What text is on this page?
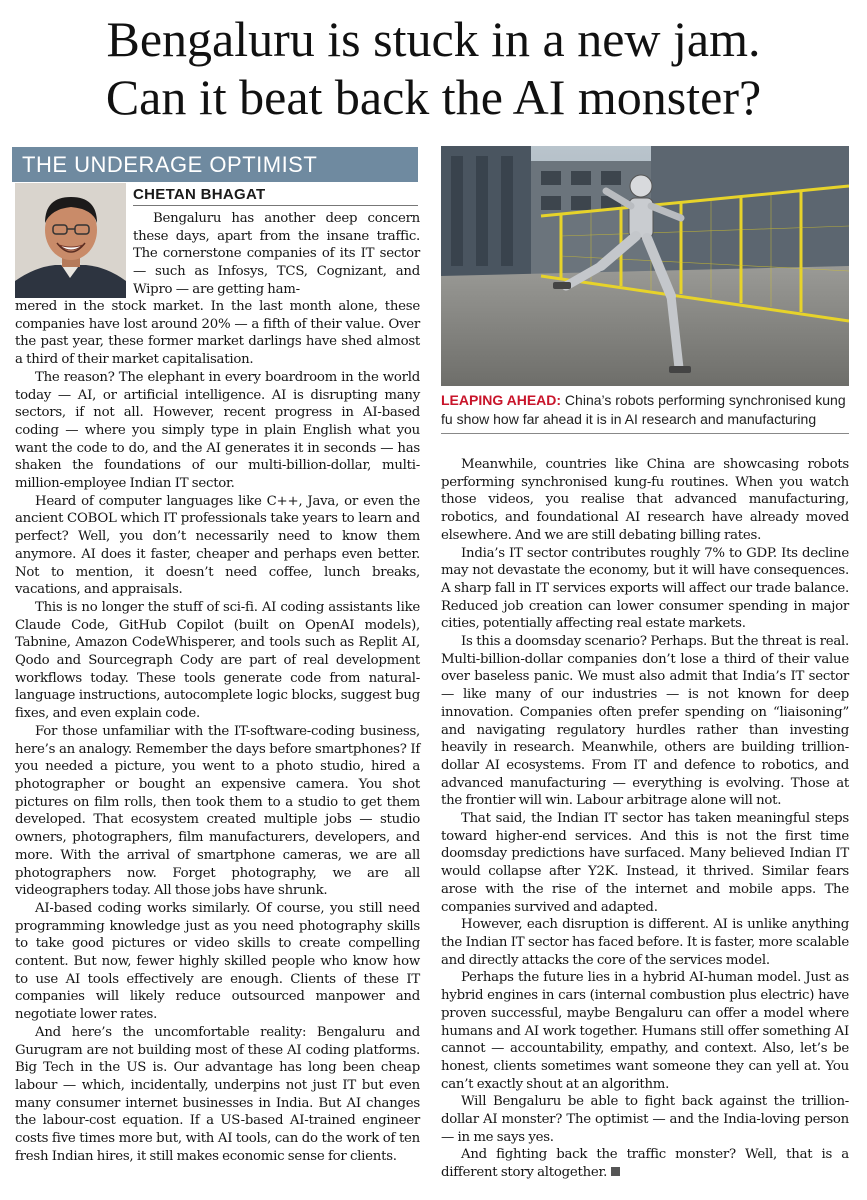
Bengaluru is stuck in a new jam.
Can it beat back the AI monster?
THE UNDERAGE OPTIMIST
CHETAN BHAGAT

Bengaluru has another deep concern these days, apart from the insane traffic. The cornerstone companies of its IT sector — such as Infosys, TCS, Cognizant, and Wipro — are getting ham-

mered in the stock market. In the last month alone, these companies have lost around 20% — a fifth of their value. Over the past year, these former market darlings have shed almost a third of their market capitalisation.

The reason? The elephant in every boardroom in the world today — AI, or artificial intelligence. AI is disrupting many sectors, if not all. However, recent progress in AI-based coding — where you simply type in plain English what you want the code to do, and the AI generates it in seconds — has shaken the foundations of our multi-billion-dollar, multi-million-employee Indian IT sector.

Heard of computer languages like C++, Java, or even the ancient COBOL which IT professionals take years to learn and perfect? Well, you don’t necessarily need to know them anymore. AI does it faster, cheaper and perhaps even better. Not to mention, it doesn’t need coffee, lunch breaks, vacations, and appraisals.

This is no longer the stuff of sci-fi. AI coding assistants like Claude Code, GitHub Copilot (built on OpenAI models), Tabnine, Amazon CodeWhisperer, and tools such as Replit AI, Qodo and Sourcegraph Cody are part of real development workflows today. These tools generate code from natural-language instructions, autocomplete logic blocks, suggest bug fixes, and even explain code.

For those unfamiliar with the IT-software-coding business, here’s an analogy. Remember the days before smartphones? If you needed a picture, you went to a photo studio, hired a photographer or bought an expensive camera. You shot pictures on film rolls, then took them to a studio to get them developed. That ecosystem created multiple jobs — studio owners, photographers, film manufacturers, developers, and more. With the arrival of smartphone cameras, we are all photographers now. Forget photography, we are all videographers today. All those jobs have shrunk.

AI-based coding works similarly. Of course, you still need programming knowledge just as you need photography skills to take good pictures or video skills to create compelling content. But now, fewer highly skilled people who know how to use AI tools effectively are enough. Clients of these IT companies will likely reduce outsourced manpower and negotiate lower rates.

And here’s the uncomfortable reality: Bengaluru and Gurugram are not building most of these AI coding platforms. Big Tech in the US is. Our advantage has long been cheap labour — which, incidentally, underpins not just IT but even many consumer internet businesses in India. But AI changes the labour-cost equation. If a US-based AI-trained engineer costs five times more but, with AI tools, can do the work of ten fresh Indian hires, it still makes economic sense for clients.

LEAPING AHEAD: China’s robots performing synchronised kung fu show how far ahead it is in AI research and manufacturing

Meanwhile, countries like China are showcasing robots performing synchronised kung-fu routines. When you watch those videos, you realise that advanced manufacturing, robotics, and foundational AI research have already moved elsewhere. And we are still debating billing rates.

India’s IT sector contributes roughly 7% to GDP. Its decline may not devastate the economy, but it will have consequences. A sharp fall in IT services exports will affect our trade balance. Reduced job creation can lower consumer spending in major cities, potentially affecting real estate markets.

Is this a doomsday scenario? Perhaps. But the threat is real. Multi-billion-dollar companies don’t lose a third of their value over baseless panic. We must also admit that India’s IT sector — like many of our industries — is not known for deep innovation. Companies often prefer spending on “liaisoning” and navigating regulatory hurdles rather than investing heavily in research. Meanwhile, others are building trillion-dollar AI ecosystems. From IT and defence to robotics, and advanced manufacturing — everything is evolving. Those at the frontier will win. Labour arbitrage alone will not.

That said, the Indian IT sector has taken meaningful steps toward higher-end services. And this is not the first time doomsday predictions have surfaced. Many believed Indian IT would collapse after Y2K. Instead, it thrived. Similar fears arose with the rise of the internet and mobile apps. The companies survived and adapted.

However, each disruption is different. AI is unlike anything the Indian IT sector has faced before. It is faster, more scalable and directly attacks the core of the services model.

Perhaps the future lies in a hybrid AI-human model. Just as hybrid engines in cars (internal combustion plus electric) have proven successful, maybe Bengaluru can offer a model where humans and AI work together. Humans still offer something AI cannot — accountability, empathy, and context. Also, let’s be honest, clients sometimes want someone they can yell at. You can’t exactly shout at an algorithm.

Will Bengaluru be able to fight back against the trillion-dollar AI monster? The optimist — and the India-loving person — in me says yes.

And fighting back the traffic monster? Well, that is a different story altogether.
